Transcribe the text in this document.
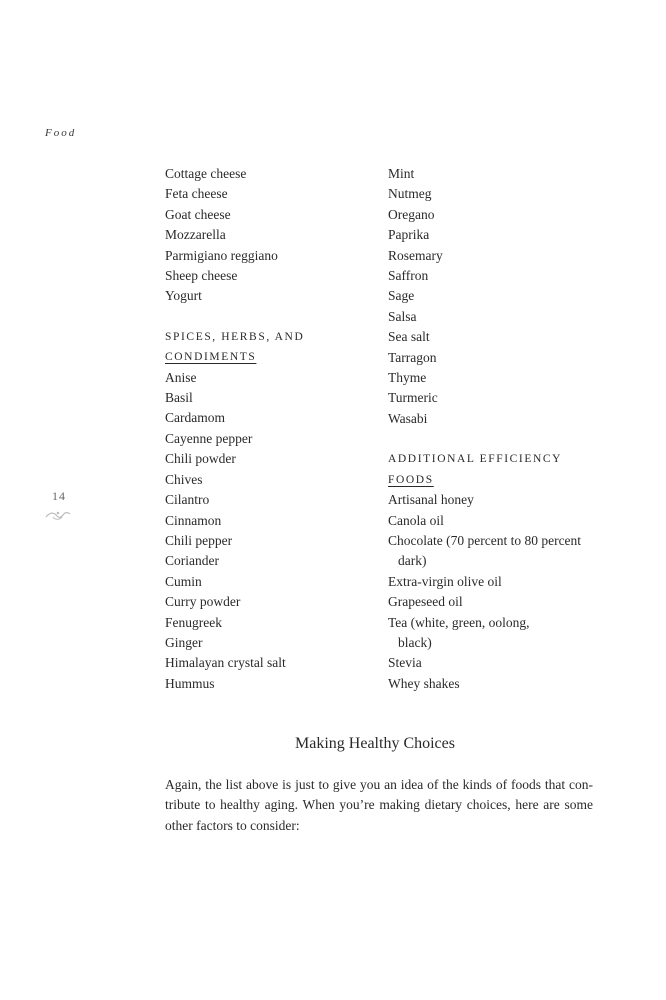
Food
Cottage cheese
Feta cheese
Goat cheese
Mozzarella
Parmigiano reggiano
Sheep cheese
Yogurt
SPICES, HERBS, AND
CONDIMENTS
Anise
Basil
Cardamom
Cayenne pepper
Chili powder
Chives
Cilantro
Cinnamon
Chili pepper
Coriander
Cumin
Curry powder
Fenugreek
Ginger
Himalayan crystal salt
Hummus
Mint
Nutmeg
Oregano
Paprika
Rosemary
Saffron
Sage
Salsa
Sea salt
Tarragon
Thyme
Turmeric
Wasabi
ADDITIONAL EFFICIENCY
FOODS
Artisanal honey
Canola oil
Chocolate (70 percent to 80 percent
dark)
Extra-virgin olive oil
Grapeseed oil
Tea (white, green, oolong,
black)
Stevia
Whey shakes
14
Making Healthy Choices
Again, the list above is just to give you an idea of the kinds of foods that con-
tribute to healthy aging. When you’re making dietary choices, here are some
other factors to consider:
